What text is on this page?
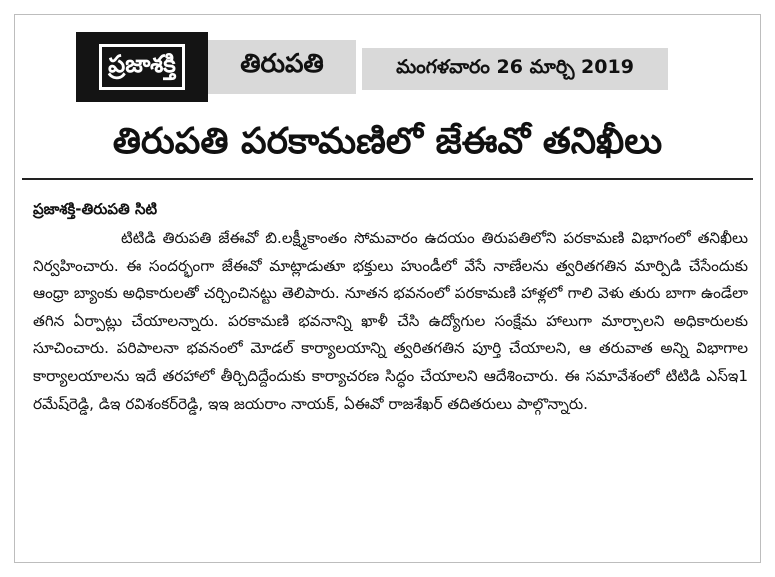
ప్రజాశక్తి	తిరుపతి	మంగళవారం 26 మార్చి 2019
తిరుపతి పరకామణిలో జేఈవో తనిఖీలు
ప్రజాశక్తి-తిరుపతి సిటి

టిటిడి తిరుపతి జేఈవో బి.లక్ష్మీకాంతం సోమవారం ఉదయం తిరుపతిలోని పరకామణి విభాగంలో తనిఖీలు నిర్వహించారు. ఈ సందర్భంగా జేఈవో మాట్లాడుతూ భక్తులు హుండీలో వేసే నాణేలను త్వరితగతిన మార్పిడి చేసేందుకు ఆంధ్రా బ్యాంకు అధికారులతో చర్చించినట్టు తెలిపారు. నూతన భవనంలో పరకామణి హాళ్లలో గాలి వెళు తురు బాగా ఉండేలా తగిన ఏర్పాట్లు చేయాలన్నారు. పరకామణి భవనాన్ని ఖాళీ చేసి ఉద్యోగుల సంక్షేమ హాలుగా మార్చాలని అధికారులకు సూచించారు. పరిపాలనా భవనంలో మోడల్ కార్యాలయాన్ని త్వరితగతిన పూర్తి చేయాలని, ఆ తరువాత అన్ని విభాగాల కార్యాలయాలను ఇదే తరహాలో తీర్చిదిద్దేందుకు కార్యాచరణ సిద్ధం చేయాలని ఆదేశించారు. ఈ సమావేశంలో టిటిడి ఎస్ఇ1 రమేష్‌రెడ్డి, డిఇ రవిశంకర్‌రెడ్డి, ఇఇ జయరాం నాయక్, ఏఈవో రాజశేఖర్ తదితరులు పాల్గొన్నారు.
